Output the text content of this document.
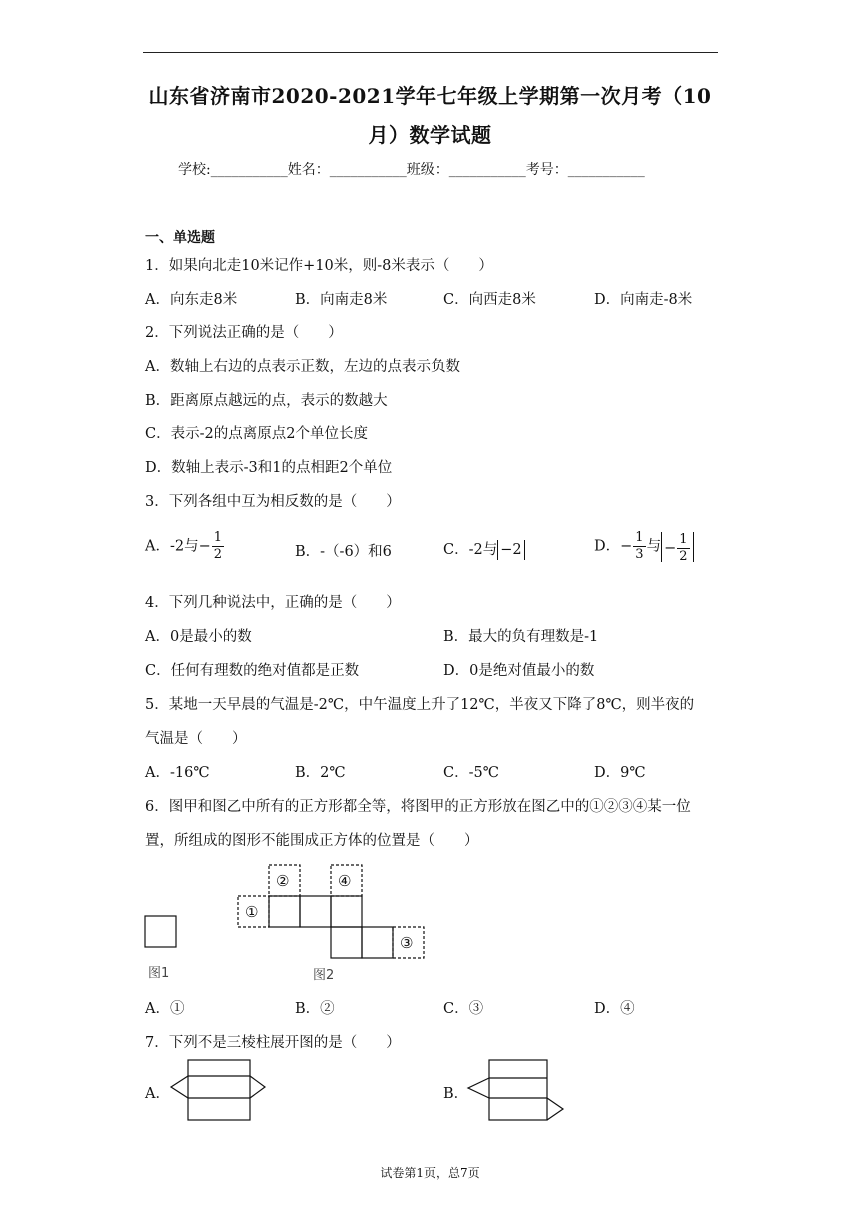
山东省济南市2020-2021学年七年级上学期第一次月考（10
月）数学试题
学校:___________姓名：___________班级：___________考号：___________
一、单选题
1．如果向北走10米记作+10米，则-8米表示（　　）
A．向东走8米	B．向南走8米	C．向西走8米	D．向南走-8米
2．下列说法正确的是（　　）
A．数轴上右边的点表示正数，左边的点表示负数
B．距离原点越远的点，表示的数越大
C．表示-2的点离原点2个单位长度
D．数轴上表示-3和1的点相距2个单位
3．下列各组中互为相反数的是（　　）
A．-2与− $\frac{1}{2}$	B．-（-6）和6	C．-2与 −2	D．− $\frac{1}{3}$ 与 − $\frac{1}{2}$
4．下列几种说法中，正确的是（　　）
A．0是最小的数	B．最大的负有理数是-1
C．任何有理数的绝对值都是正数	D．0是绝对值最小的数
5．某地一天早晨的气温是-2℃，中午温度上升了12℃，半夜又下降了8℃，则半夜的
气温是（　　）
A．-16℃	B．2℃	C．-5℃	D．9℃
6．图甲和图乙中所有的正方形都全等，将图甲的正方形放在图乙中的①②③④某一位
置，所组成的图形不能围成正方体的位置是（　　）
图1
①
②
③
④
图2
A．①	B．②	C．③	D．④
7．下列不是三棱柱展开图的是（　　）
A．	B．
试卷第1页，总7页
